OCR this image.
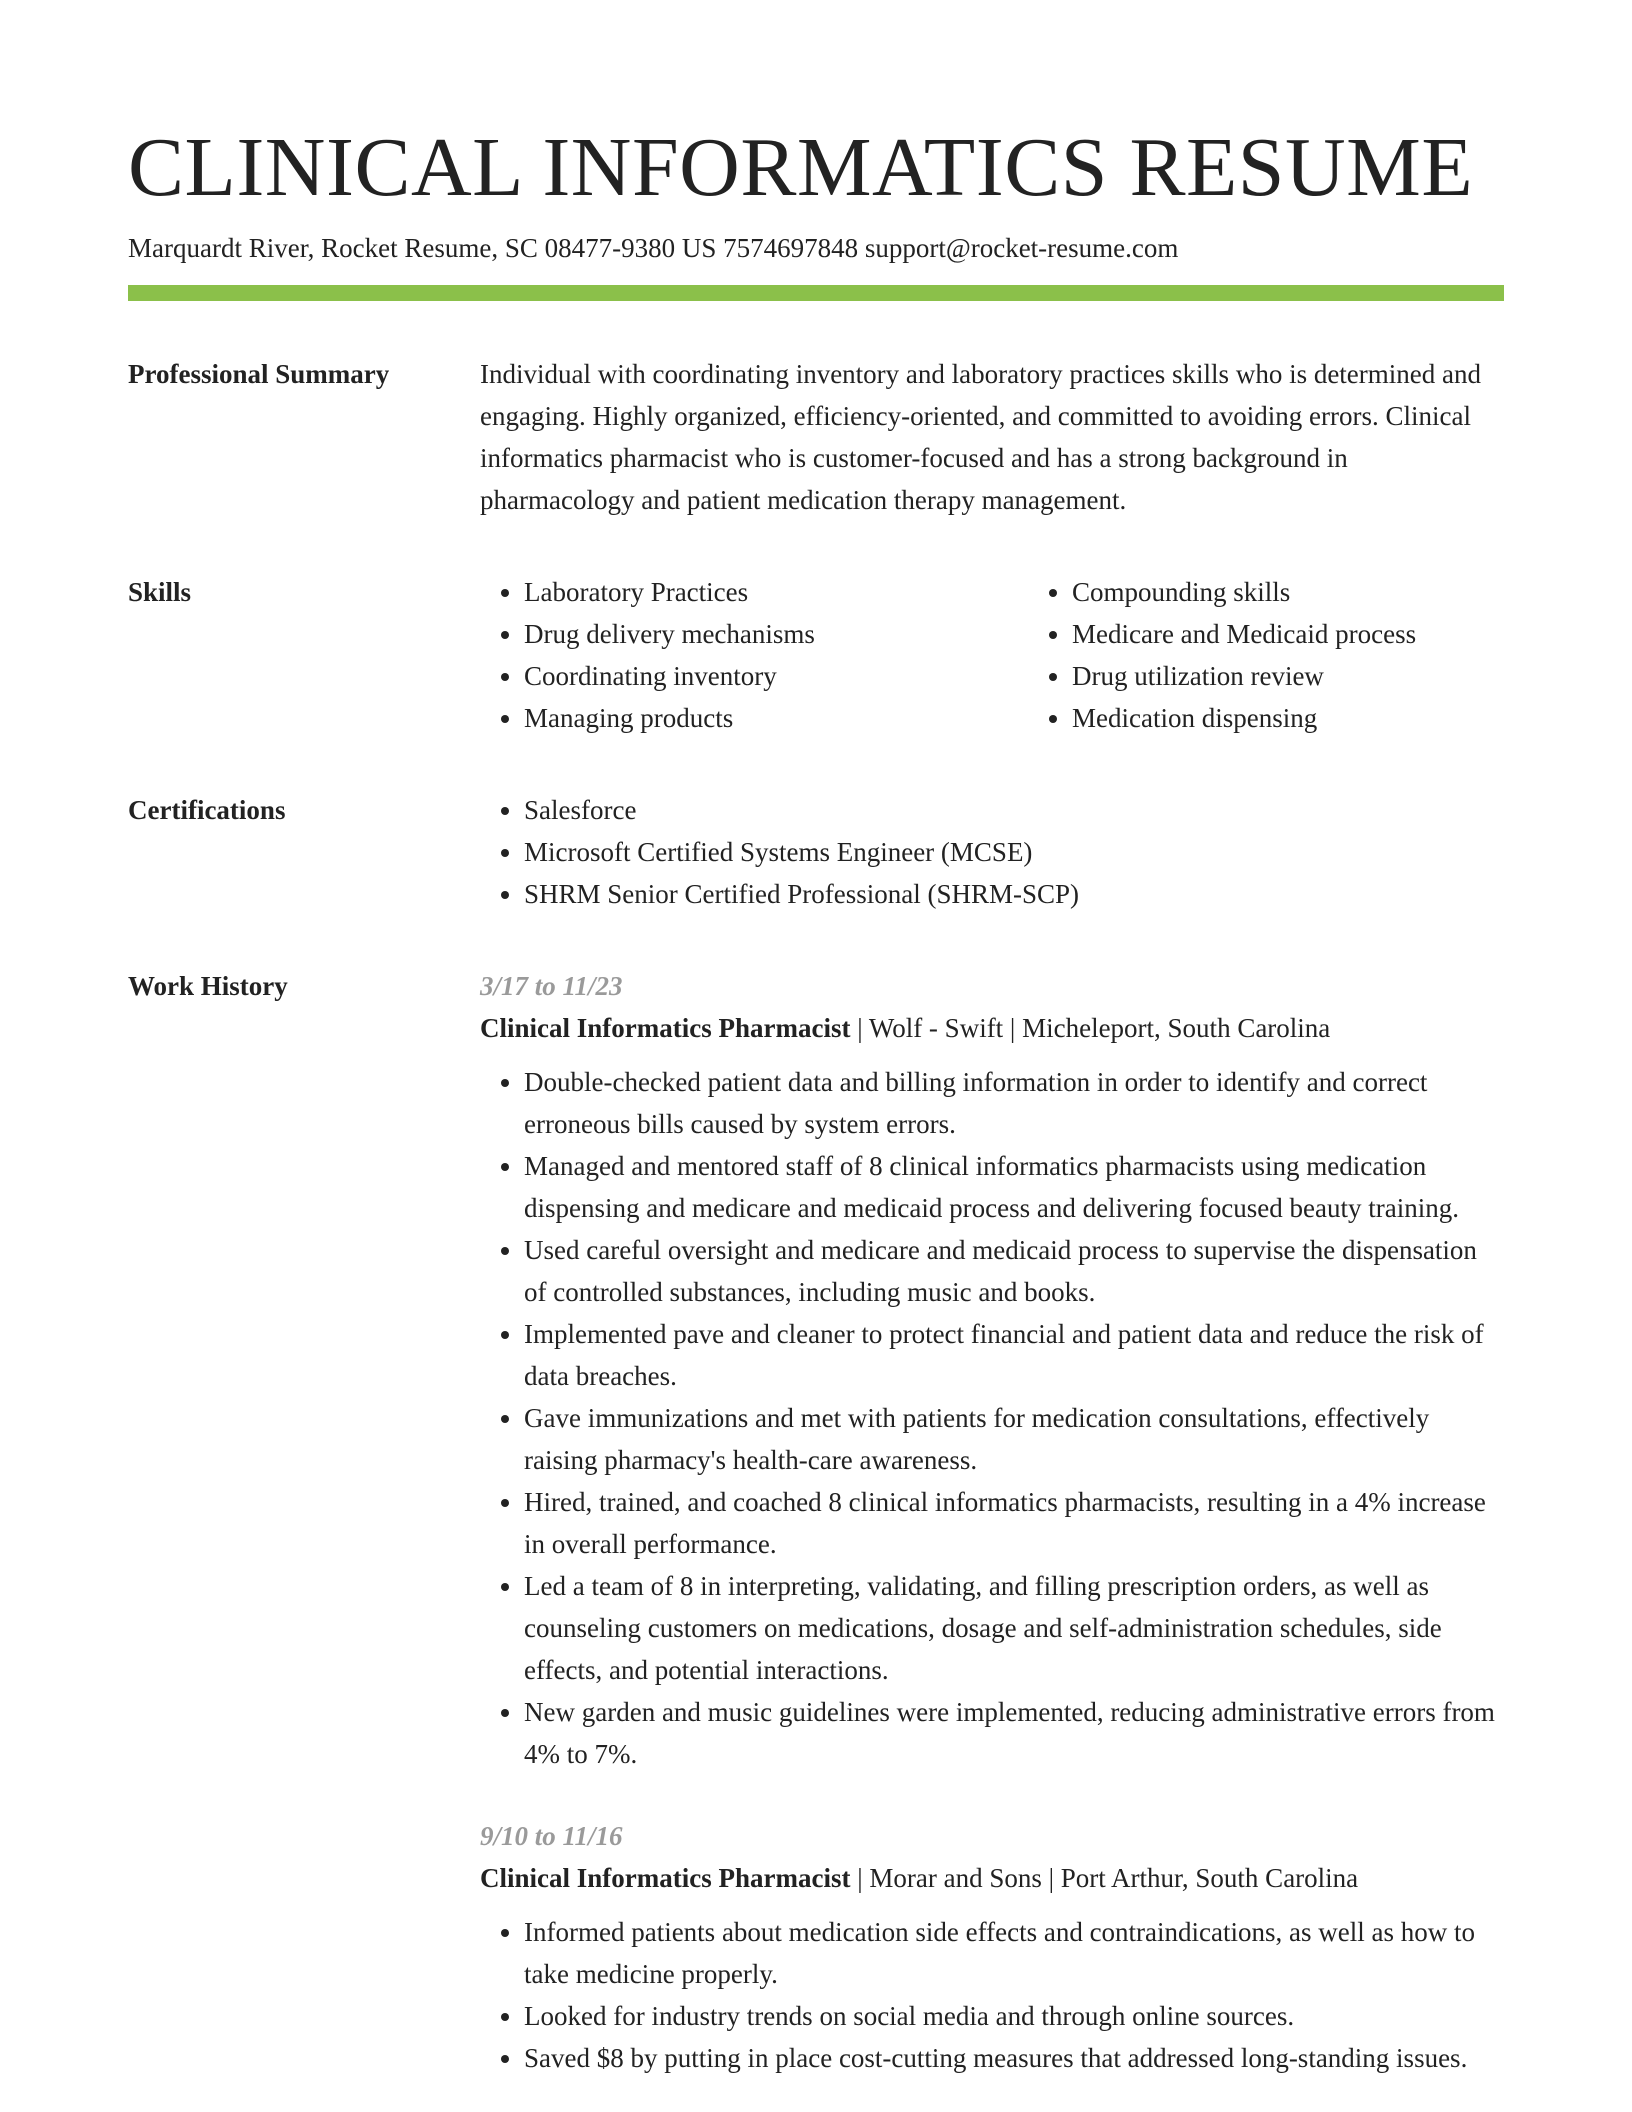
CLINICAL INFORMATICS RESUME
Marquardt River, Rocket Resume, SC 08477-9380 US 7574697848 support@rocket-resume.com
Professional Summary	Individual with coordinating inventory and laboratory practices skills who is determined and engaging. Highly organized, efficiency-oriented, and committed to avoiding errors. Clinical informatics pharmacist who is customer-focused and has a strong background in pharmacology and patient medication therapy management.

Skills	• Laboratory Practices
• Drug delivery mechanisms
• Coordinating inventory
• Managing products
• Compounding skills
• Medicare and Medicaid process
• Drug utilization review
• Medication dispensing
Certifications	• Salesforce
• Microsoft Certified Systems Engineer (MCSE)
• SHRM Senior Certified Professional (SHRM-SCP)
Work History	3/17 to 11/23
Clinical Informatics Pharmacist | Wolf - Swift | Micheleport, South Carolina
• Double-checked patient data and billing information in order to identify and correct erroneous bills caused by system errors.
• Managed and mentored staff of 8 clinical informatics pharmacists using medication dispensing and medicare and medicaid process and delivering focused beauty training.
• Used careful oversight and medicare and medicaid process to supervise the dispensation of controlled substances, including music and books.
• Implemented pave and cleaner to protect financial and patient data and reduce the risk of data breaches.
• Gave immunizations and met with patients for medication consultations, effectively raising pharmacy's health-care awareness.
• Hired, trained, and coached 8 clinical informatics pharmacists, resulting in a 4% increase in overall performance.
• Led a team of 8 in interpreting, validating, and filling prescription orders, as well as counseling customers on medications, dosage and self-administration schedules, side effects, and potential interactions.
• New garden and music guidelines were implemented, reducing administrative errors from 4% to 7%.
9/10 to 11/16
Clinical Informatics Pharmacist | Morar and Sons | Port Arthur, South Carolina
• Informed patients about medication side effects and contraindications, as well as how to take medicine properly.
• Looked for industry trends on social media and through online sources.
• Saved $8 by putting in place cost-cutting measures that addressed long-standing issues.
